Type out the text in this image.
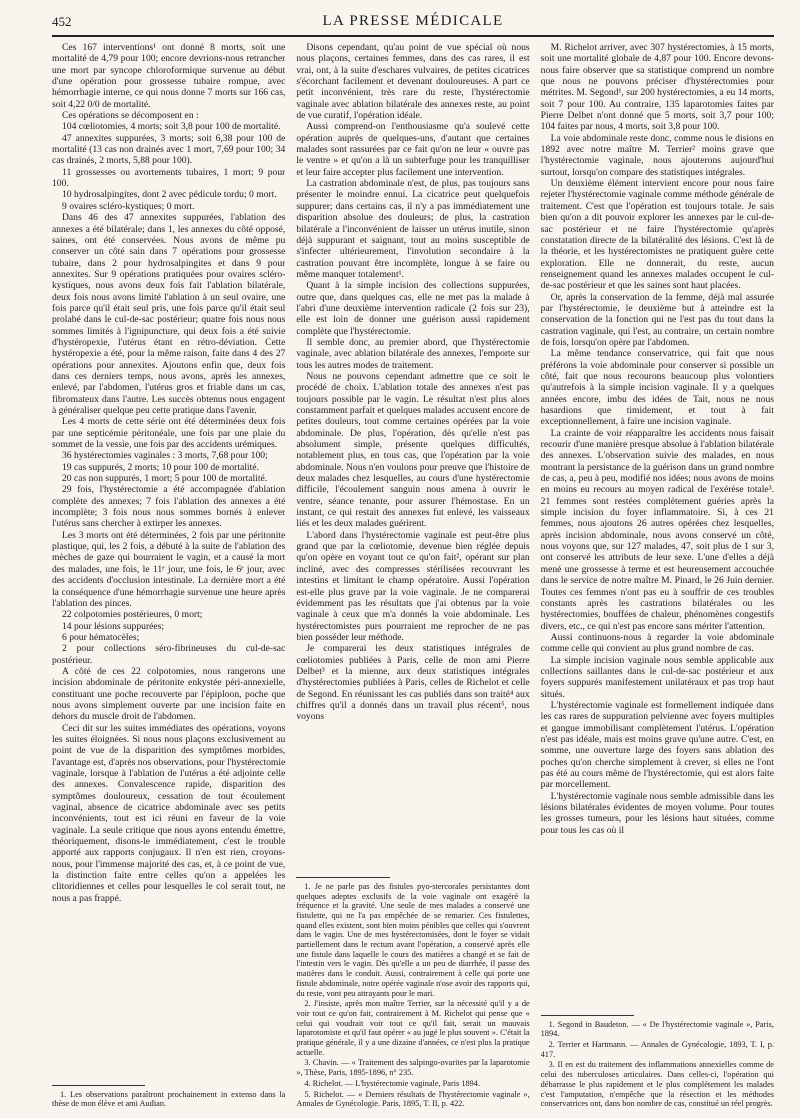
452	LA PRESSE MÉDICALE

Ces 167 interventions¹ ont donné 8 morts, soit une mortalité de 4,79 pour 100; encore devrions-nous retrancher une mort par syncope chloroformique survenue au début d'une opération pour grossesse tubaire rompue, avec hémorrhagie interne, ce qui nous donne 7 morts sur 166 cas, soit 4,22 0/0 de mortalité.

Ces opérations se décomposent en :

104 cœliotomies, 4 morts; soit 3,8 pour 100 de mortalité.

47 annexites suppurées, 3 morts; soit 6,38 pour 100 de mortalité (13 cas non drainés avec 1 mort, 7,69 pour 100; 34 cas drainés, 2 morts, 5,88 pour 100).

11 grossesses ou avortements tubaires, 1 mort; 9 pour 100.

10 hydrosalpingites, dont 2 avec pédicule tordu; 0 mort.

9 ovaires scléro-kystiques; 0 mort.

Dans 46 des 47 annexites suppurées, l'ablation des annexes a été bilatérale; dans 1, les annexes du côté opposé, saines, ont été conservées. Nous avons de même pu conserver un côté sain dans 7 opérations pour grossesse tubaire, dans 2 pour hydrosalpingites et dans 9 pour annexites. Sur 9 opérations pratiquées pour ovaires scléro-kystiques, nous avons deux fois fait l'ablation bilatérale, deux fois nous avons limité l'ablation à un seul ovaire, une fois parce qu'il était seul pris, une fois parce qu'il était seul prolabé dans le cul-de-sac postérieur; quatre fois nous nous sommes limités à l'ignipuncture, qui deux fois a été suivie d'hystéropexie, l'utérus étant en rétro-déviation. Cette hystéropexie a été, pour la même raison, faite dans 4 des 27 opérations pour annexites. Ajoutons enfin que, deux fois dans ces derniers temps, nous avons, après les annexes, enlevé, par l'abdomen, l'utérus gros et friable dans un cas, fibromateux dans l'autre. Les succès obtenus nous engagent à généraliser quelque peu cette pratique dans l'avenir.

Les 4 morts de cette série ont été déterminées deux fois par une septicémie péritonéale, une fois par une plaie du sommet de la vessie, une fois par des accidents urémiques.

36 hystérectomies vaginales : 3 morts, 7,68 pour 100;

19 cas suppurés, 2 morts; 10 pour 100 de mortalité.

20 cas non suppurés, 1 mort; 5 pour 100 de mortalité.

29 fois, l'hystérectomie a été accompagnée d'ablation complète des annexes; 7 fois l'ablation des annexes a été incomplète; 3 fois nous nous sommes bornés à enlever l'utérus sans chercher à extirper les annexes.

Les 3 morts ont été déterminées, 2 fois par une péritonite plastique, qui, les 2 fois, a débuté à la suite de l'ablation des mèches de gaze qui bourraient le vagin, et a causé la mort des malades, une fois, le 11ᵉ jour, une fois, le 6ᵉ jour, avec des accidents d'occlusion intestinale. La dernière mort a été la conséquence d'une hémorrhagie survenue une heure après l'ablation des pinces.

22 colpotomies postérieures, 0 mort;

14 pour lésions suppurées;

6 pour hématocèles;

2 pour collections séro-fibrineuses du cul-de-sac postérieur.

A côté de ces 22 colpotomies, nous rangerons une incision abdominale de péritonite enkystée péri-annexielle, constituant une poche recouverte par l'épiploon, poche que nous avons simplement ouverte par une incision faite en dehors du muscle droit de l'abdomen.

Ceci dit sur les suites immédiates des opérations, voyons les suites éloignées. Si nous nous plaçons exclusivement au point de vue de la disparition des symptômes morbides, l'avantage est, d'après nos observations, pour l'hystérectomie vaginale, lorsque à l'ablation de l'utérus a été adjointe celle des annexes. Convalescence rapide, disparition des symptômes douloureux, cessation de tout écoulement vaginal, absence de cicatrice abdominale avec ses petits inconvénients, tout est ici réuni en faveur de la voie vaginale. La seule critique que nous ayons entendu émettre, théoriquement, disons-le immédiatement, c'est le trouble apporté aux rapports conjugaux. Il n'en est rien, croyons-nous, pour l'immense majorité des cas, et, à ce point de vue, la distinction faite entre celles qu'on a appelées les clitoridiennes et celles pour lesquelles le col serait tout, ne nous a pas frappé.

1. Les observations paraîtront prochainement in extenso dans la thèse de mon élève et ami Audian.

Disons cependant, qu'au point de vue spécial où nous nous plaçons, certaines femmes, dans des cas rares, il est vrai, ont, à la suite d'eschares vulvaires, de petites cicatrices s'écorchant facilement et devenant douloureuses. A part ce petit inconvénient, très rare du reste, l'hystérectomie vaginale avec ablation bilatérale des annexes reste, au point de vue curatif, l'opération idéale.

Aussi comprend-on l'enthousiasme qu'a soulevé cette opération auprès de quelques-uns, d'autant que certaines malades sont rassurées par ce fait qu'on ne leur « ouvre pas le ventre » et qu'on a là un subterfuge pour les tranquilliser et leur faire accepter plus facilement une intervention.

La castration abdominale n'est, de plus, pas toujours sans présenter le moindre ennui. La cicatrice peut quelquefois suppurer; dans certains cas, il n'y a pas immédiatement une disparition absolue des douleurs; de plus, la castration bilatérale a l'inconvénient de laisser un utérus inutile, sinon déjà suppurant et saignant, tout au moins susceptible de s'infecter ultérieurement, l'involution secondaire à la castration pouvant être incomplète, longue à se faire ou même manquer totalement¹.

Quant à la simple incision des collections suppurées, outre que, dans quelques cas, elle ne met pas la malade à l'abri d'une deuxième intervention radicale (2 fois sur 23), elle est loin de donner une guérison aussi rapidement complète que l'hystérectomie.

Il semble donc, au premier abord, que l'hystérectomie vaginale, avec ablation bilatérale des annexes, l'emporte sur tous les autres modes de traitement.

Nous ne pouvons cependant admettre que ce soit le procédé de choix. L'ablation totale des annexes n'est pas toujours possible par le vagin. Le résultat n'est plus alors constamment parfait et quelques malades accusent encore de petites douleurs, tout comme certaines opérées par la voie abdominale. De plus, l'opération, dès qu'elle n'est pas absolument simple, présente quelques difficultés, notablement plus, en tous cas, que l'opération par la voie abdominale. Nous n'en voulons pour preuve que l'histoire de deux malades chez lesquelles, au cours d'une hystérectomie difficile, l'écoulement sanguin nous amena à ouvrir le ventre, séance tenante, pour assurer l'hémostase. En un instant, ce qui restait des annexes fut enlevé, les vaisseaux liés et les deux malades guérirent.

L'abord dans l'hystérectomie vaginale est peut-être plus grand que par la cœliotomie, devenue bien réglée depuis qu'on opère en voyant tout ce qu'on fait², opérant sur plan incliné, avec des compresses stérilisées recouvrant les intestins et limitant le champ opératoire. Aussi l'opération est-elle plus grave par la voie vaginale. Je ne comparerai évidemment pas les résultats que j'ai obtenus par la voie vaginale à ceux que m'a donnés la voie abdominale. Les hystérectomistes purs pourraient me reprocher de ne pas bien posséder leur méthode.

Je comparerai les deux statistiques intégrales de cœliotomies publiées à Paris, celle de mon ami Pierre Delbet³ et la mienne, aux deux statistiques intégrales d'hystérectomies publiées à Paris, celles de Richelot et celle de Segond. En réunissant les cas publiés dans son traité⁴ aux chiffres qu'il a donnés dans un travail plus récent⁵, nous voyons

1. Je ne parle pas des fistules pyo-stercorales persistantes dont quelques adeptes exclusifs de la voie vaginale ont exagéré la fréquence et la gravité. Une seule de mes malades a conservé une fistulette, qui ne l'a pas empêchée de se remarier. Ces fistulettes, quand elles existent, sont bien moins pénibles que celles qui s'ouvrent dans le vagin. Une de mes hystérectomisées, dont le foyer se vidait partiellement dans le rectum avant l'opération, a conservé après elle une fistule dans laquelle le cours des matières a changé et se fait de l'intestin vers le vagin. Dès qu'elle a un peu de diarrhée, il passe des matières dans le conduit. Aussi, contrairement à celle qui porte une fistule abdominale, notre opérée vaginale n'ose avoir des rapports qui, du reste, vont peu attrayants pour le mari.

2. J'insiste, après mon maître Terrier, sur la nécessité qu'il y a de voir tout ce qu'on fait, contrairement à M. Richelot qui pense que « celui qui voudrait voir tout ce qu'il fait, serait un mauvais laparotomiste et qu'il faut opérer « au jugé le plus souvent ». C'était la pratique générale, il y a une dizaine d'années, ce n'est plus la pratique actuelle.

3. Chavin. — « Traitement des salpingo-ovarites par la laparotomie », Thèse, Paris, 1895-1896, n° 235.

4. Richelot. — L'hystérectomie vaginale, Paris 1894.

5. Richelot. — « Derniers résultats de l'hystérectomie vaginale », Annales de Gynécologie. Paris, 1895, T. II, p. 422.

M. Richelot arriver, avec 307 hystérectomies, à 15 morts, soit une mortalité globale de 4,87 pour 100. Encore devons-nous faire observer que sa statistique comprend un nombre que nous ne pouvons préciser d'hystérectomies pour métrites. M. Segond¹, sur 200 hystérectomies, a eu 14 morts, soit 7 pour 100. Au contraire, 135 laparotomies faites par Pierre Delbet n'ont donné que 5 morts, soit 3,7 pour 100; 104 faites par nous, 4 morts, soit 3,8 pour 100.

La voie abdominale reste donc, comme nous le disions en 1892 avec notre maître M. Terrier² moins grave que l'hystérectomie vaginale, nous ajouterons aujourd'hui surtout, lorsqu'on compare des statistiques intégrales.

Un deuxième élément intervient encore pour nous faire rejeter l'hystérectomie vaginale comme méthode générale de traitement. C'est que l'opération est toujours totale. Je sais bien qu'on a dit pouvoir explorer les annexes par le cul-de-sac postérieur et ne faire l'hystérectomie qu'après constatation directe de la bilatéralité des lésions. C'est là de la théorie, et les hystérectomistes ne pratiquent guère cette exploration. Elle ne donnerait, du reste, aucun renseignement quand les annexes malades occupent le cul-de-sac postérieur et que les saines sont haut placées.

Or, après la conservation de la femme, déjà mal assurée par l'hystérectomie, le deuxième but à atteindre est la conservation de la fonction qui ne l'est pas du tout dans la castration vaginale, qui l'est, au contraire, un certain nombre de fois, lorsqu'on opère par l'abdomen.

La même tendance conservatrice, qui fait que nous préférons la voie abdominale pour conserver si possible un côté, fait que nous recourons beaucoup plus volontiers qu'autrefois à la simple incision vaginale. Il y a quelques années encore, imbu des idées de Tait, nous ne nous hasardions que timidement, et tout à fait exceptionnellement, à faire une incision vaginale.

La crainte de voir réapparaître les accidents nous faisait recourir d'une manière presque absolue à l'ablation bilatérale des annexes. L'observation suivie des malades, en nous montrant la persistance de la guérison dans un grand nombre de cas, a, peu à peu, modifié nos idées; nous avons de moins en moins eu recours au moyen radical de l'exérèse totale³. 21 femmes sont restées complètement guéries après la simple incision du foyer inflammatoire. Si, à ces 21 femmes, nous ajoutons 26 autres opérées chez lesquelles, après incision abdominale, nous avons conservé un côté, nous voyons que, sur 127 malades, 47, soit plus de 1 sur 3, ont conservé les attributs de leur sexe. L'une d'elles a déjà mené une grossesse à terme et est heureusement accouchée dans le service de notre maître M. Pinard, le 26 Juin dernier. Toutes ces femmes n'ont pas eu à souffrir de ces troubles constants après les castrations bilatérales ou les hystérectomies, bouffées de chaleur, phénomènes congestifs divers, etc., ce qui n'est pas encore sans mériter l'attention.

Aussi continuons-nous à regarder la voie abdominale comme celle qui convient au plus grand nombre de cas.

La simple incision vaginale nous semble applicable aux collections saillantes dans le cul-de-sac postérieur et aux foyers suppurés manifestement unilatéraux et pas trop haut situés.

L'hystérectomie vaginale est formellement indiquée dans les cas rares de suppuration pelvienne avec foyers multiples et gangue immobilisant complètement l'utérus. L'opération n'est pas idéale, mais est moins grave qu'une autre. C'est, en somme, une ouverture large des foyers sans ablation des poches qu'on cherche simplement à crever, si elles ne l'ont pas été au cours même de l'hystérectomie, qui est alors faite par morcellement.

L'hystérectomie vaginale nous semble admissible dans les lésions bilatérales évidentes de moyen volume. Pour toutes les grosses tumeurs, pour les lésions haut situées, comme pour tous les cas où il

1. Segond in Baudeton. — « De l'hystérectomie vaginale », Paris, 1894.

2. Terrier et Hartmann. — Annales de Gynécologie, 1893, T. I, p. 417.

3. Il en est du traitement des inflammations annexielles comme de celui des tuberculoses articulaires. Dans celles-ci, l'opération qui débarrasse le plus rapidement et le plus complètement les malades c'est l'amputation, n'empêche que la résection et les méthodes conservatrices ont, dans bon nombre de cas, constitué un réel progrès.
